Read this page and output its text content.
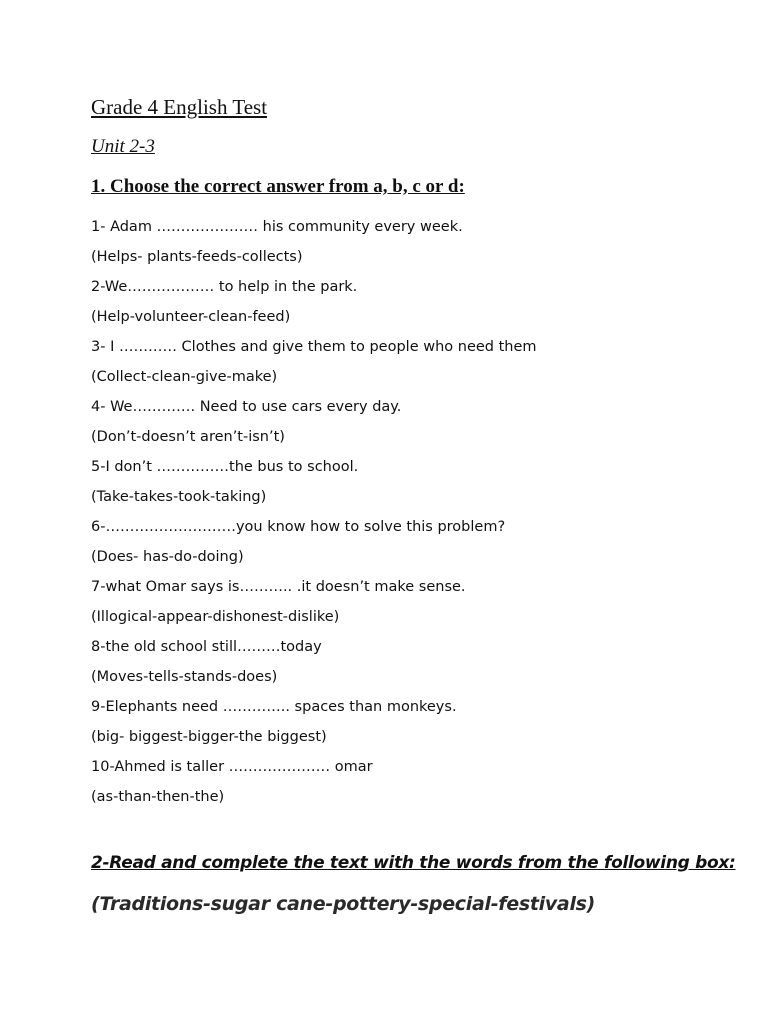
Grade 4 English Test
Unit 2-3
1. Choose the correct answer from a, b, c or d:
1- Adam ………………… his community every week.
(Helps- plants-feeds-collects)
2-We……………… to help in the park.
(Help-volunteer-clean-feed)
3- I ………… Clothes and give them to people who need them
(Collect-clean-give-make)
4- We…………. Need to use cars every day.
(Don’t-doesn’t aren’t-isn’t)
5-I don’t ……………the bus to school.
(Take-takes-took-taking)
6-………………………you know how to solve this problem?
(Does- has-do-doing)
7-what Omar says is……….. .it doesn’t make sense.
(Illogical-appear-dishonest-dislike)
8-the old school still………today
(Moves-tells-stands-does)
9-Elephants need ………….. spaces than monkeys.
(big- biggest-bigger-the biggest)
10-Ahmed is taller ………………… omar
(as-than-then-the)
2-Read and complete the text with the words from the following box:
(Traditions-sugar cane-pottery-special-festivals)
